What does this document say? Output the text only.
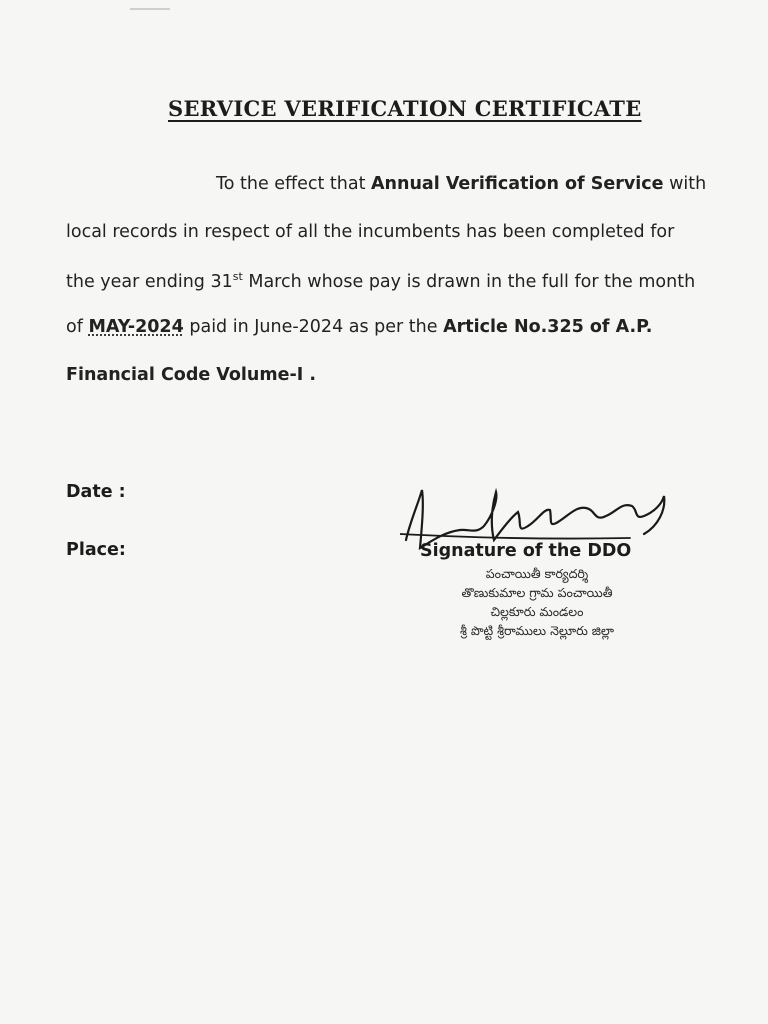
SERVICE VERIFICATION CERTIFICATE
To the effect that Annual Verification of Service with
local records in respect of all the incumbents has been completed for
the year ending 31st March whose pay is drawn in the full for the month
of MAY-2024 paid in June-2024 as per the Article No.325 of A.P.
Financial Code Volume-I .
Date :
Place:	Signature of the DDO
పంచాయితీ కార్యదర్శి
తొణుకుమాల గ్రామ పంచాయితీ
చిల్లకూరు మండలం
శ్రీ పొట్టి శ్రీరాములు నెల్లూరు జిల్లా
